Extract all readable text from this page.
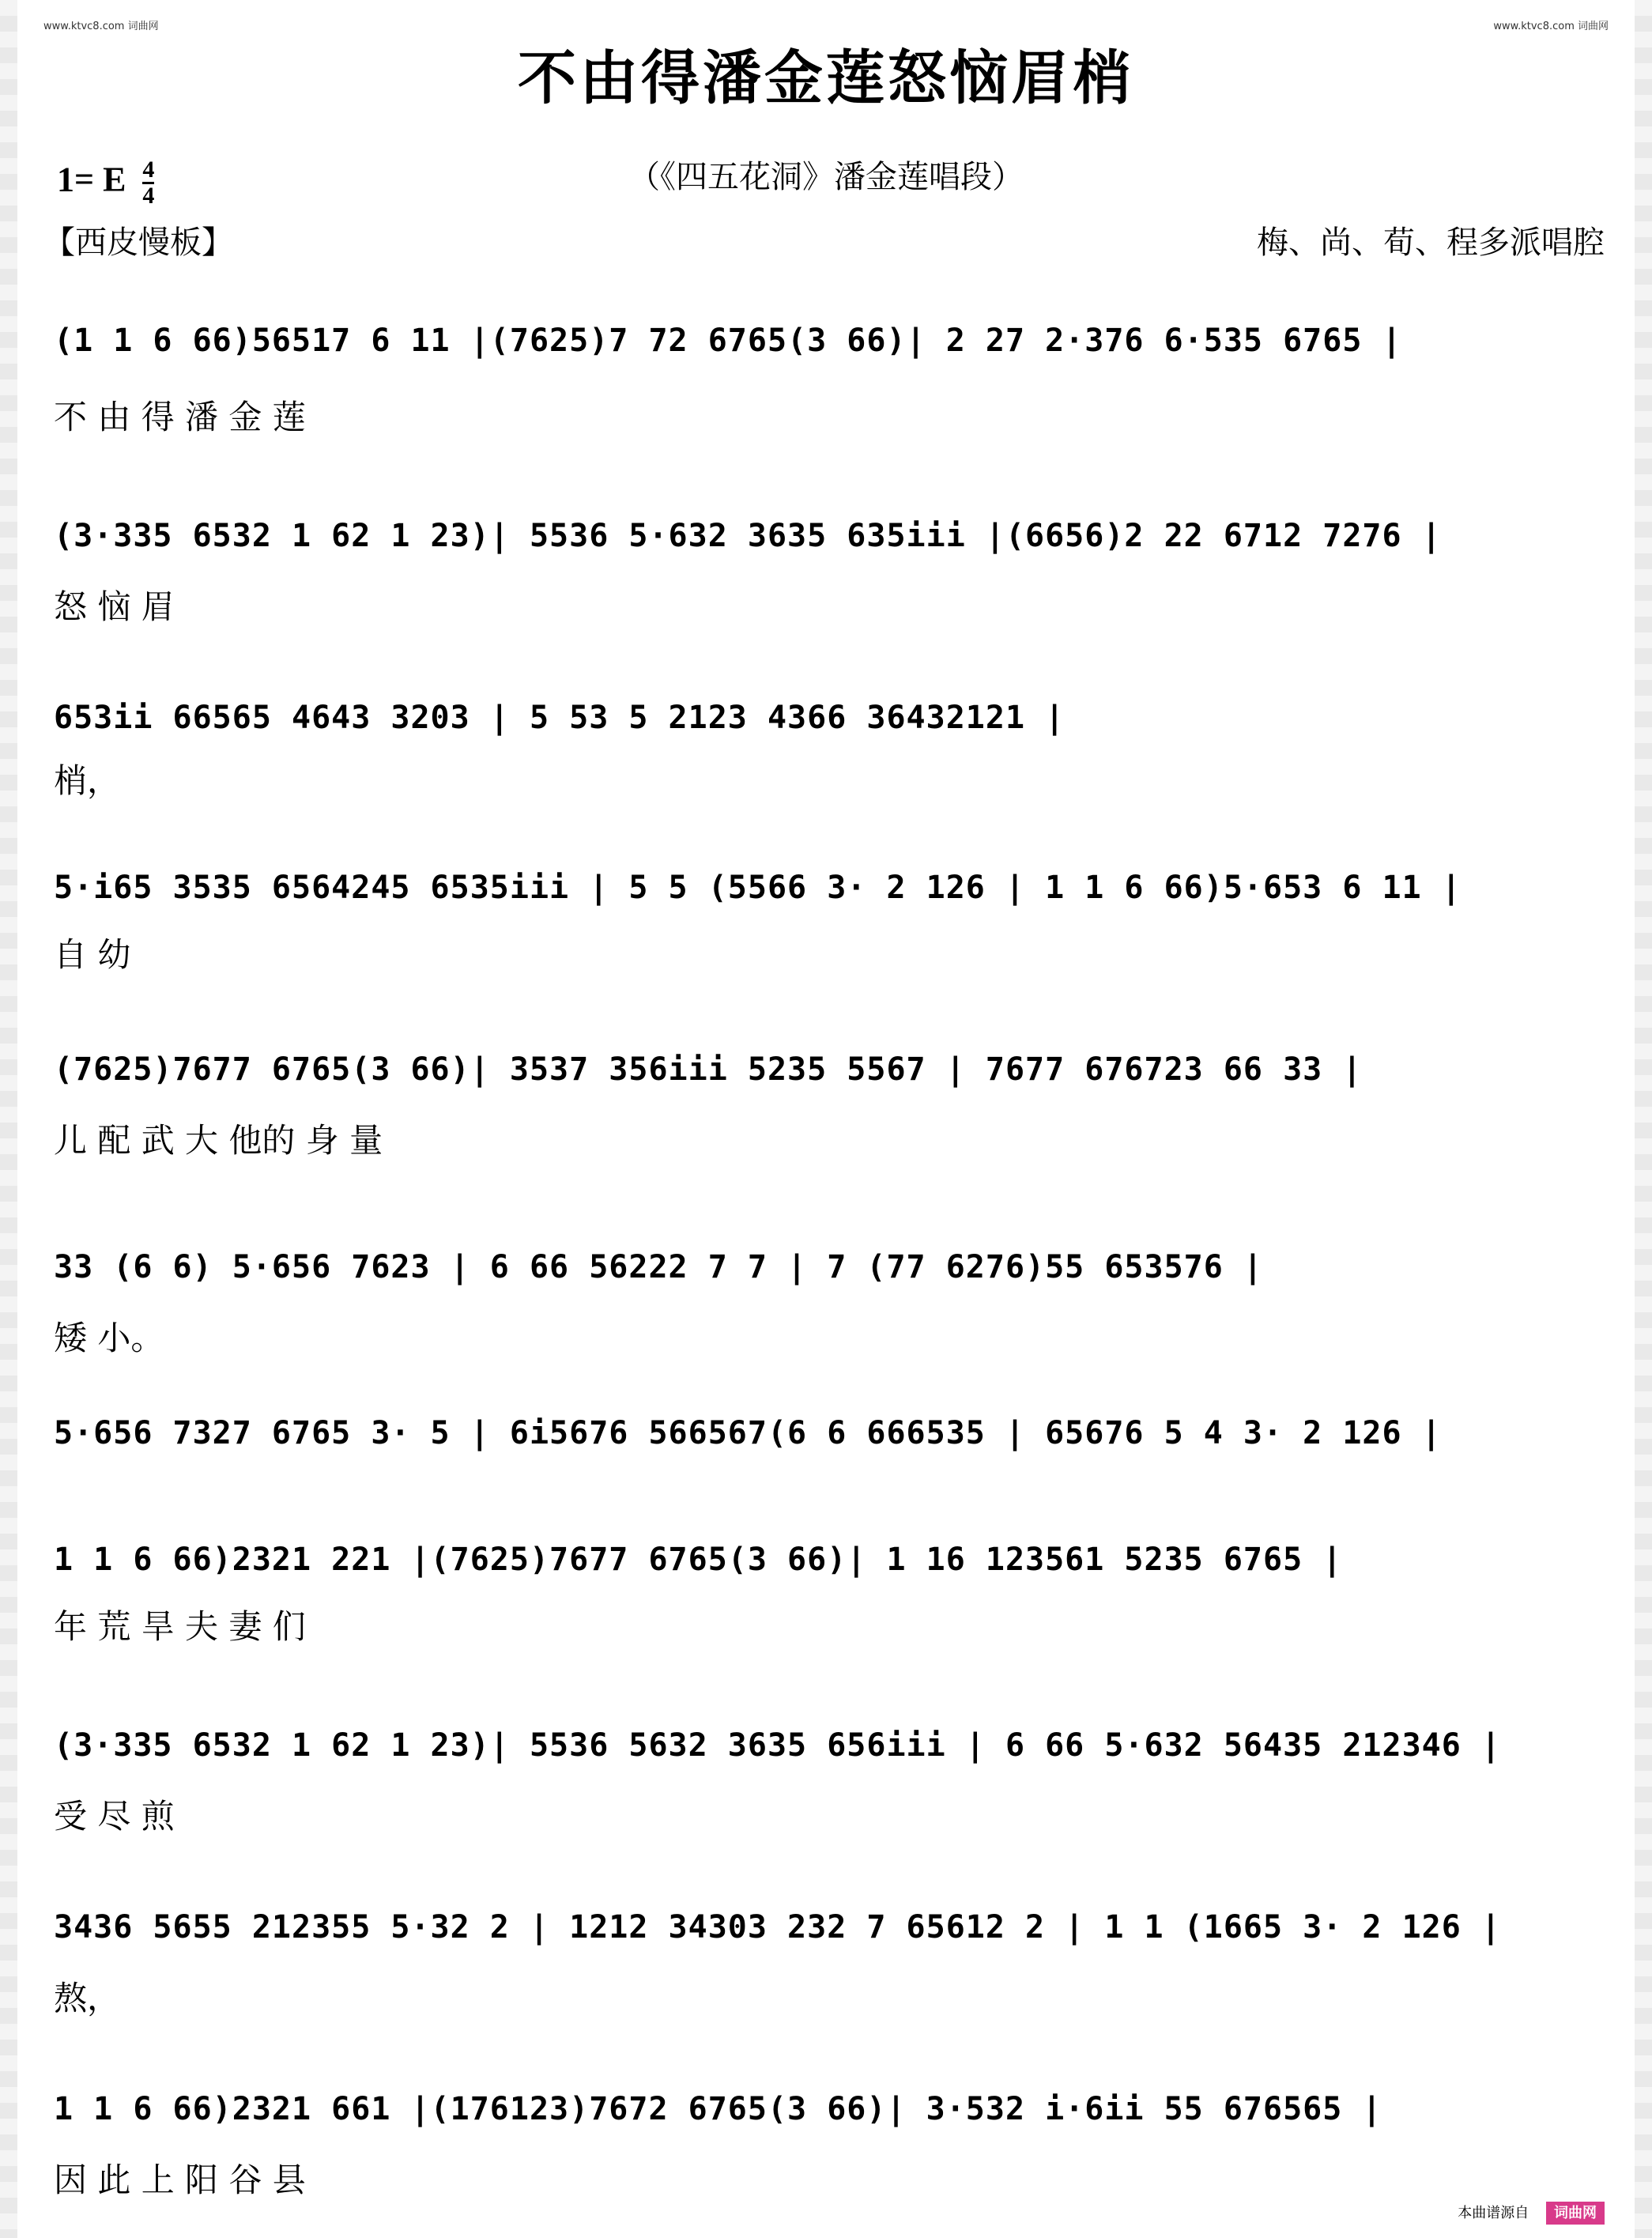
www.ktvc8.com 词曲网	www.ktvc8.com 词曲网
不由得潘金莲怒恼眉梢
1= E $\frac{4}{4}$	（《四五花洞》潘金莲唱段）
【西皮慢板】	梅、尚、荀、程多派唱腔
(1 1 6 66)56517 6 11 |(7625)7 72 6765(3 66)| 2 27 2·376 6·535 6765 |
不 由 得 潘 金 莲
(3·335 6532 1 62 1 23)| 5536 5·632 3635 635iii |(6656)2 22 6712 7276 |
怒 恼 眉
653ii 66565 4643 3203 | 5 53 5 2123 4366 36432121 |
梢，
5·i65 3535 6564245 6535iii | 5 5 (5566 3· 2 126 | 1 1 6 66)5·653 6 11 |
自 幼
(7625)7677 6765(3 66)| 3537 356iii 5235 5567 | 7677 676723 66 33 |
儿 配 武 大 他的 身 量
33 (6 6) 5·656 7623 | 6 66 56222 7 7 | 7 (77 6276)55 653576 |
矮 小。
5·656 7327 6765 3· 5 | 6i5676 566567(6 6 666535 | 65676 5 4 3· 2 126 |
1 1 6 66)2321 221 |(7625)7677 6765(3 66)| 1 16 123561 5235 6765 |
年 荒 旱 夫 妻 们
(3·335 6532 1 62 1 23)| 5536 5632 3635 656iii | 6 66 5·632 56435 212346 |
受 尽 煎
3436 5655 212355 5·32 2 | 1212 34303 232 7 65612 2 | 1 1 (1665 3· 2 126 |
熬，
1 1 6 66)2321 661 |(176123)7672 6765(3 66)| 3·532 i·6ii 55 676565 |
因 此 上 阳 谷 县
本曲谱源自 词曲网
